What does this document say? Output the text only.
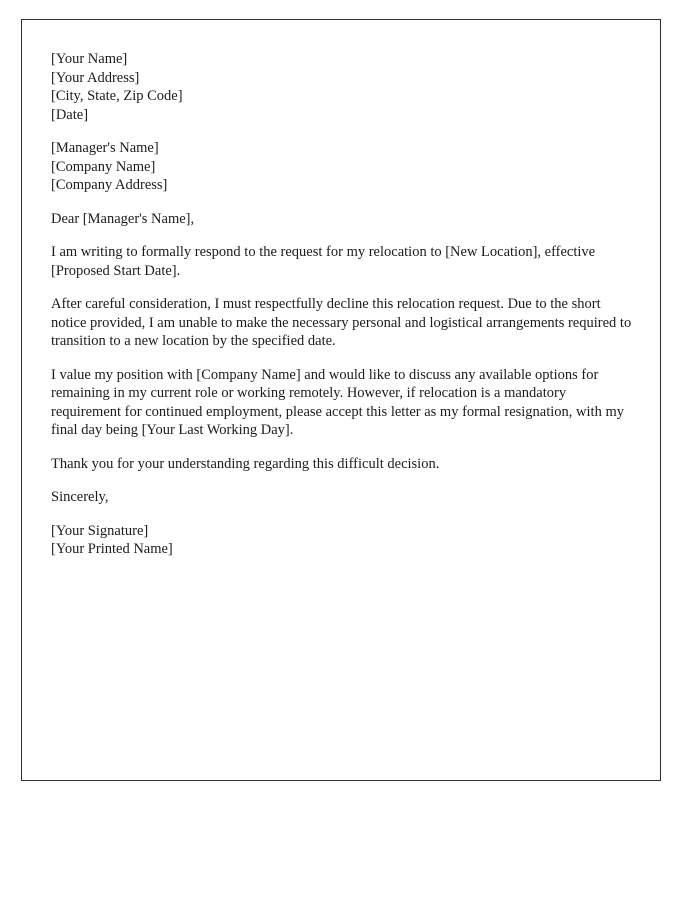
[Your Name]
[Your Address]
[City, State, Zip Code]
[Date]

[Manager's Name]
[Company Name]
[Company Address]

Dear [Manager's Name],

I am writing to formally respond to the request for my relocation to [New Location], effective [Proposed Start Date].

After careful consideration, I must respectfully decline this relocation request. Due to the short notice provided, I am unable to make the necessary personal and logistical arrangements required to transition to a new location by the specified date.

I value my position with [Company Name] and would like to discuss any available options for remaining in my current role or working remotely. However, if relocation is a mandatory requirement for continued employment, please accept this letter as my formal resignation, with my final day being [Your Last Working Day].

Thank you for your understanding regarding this difficult decision.

Sincerely,

[Your Signature]
[Your Printed Name]
